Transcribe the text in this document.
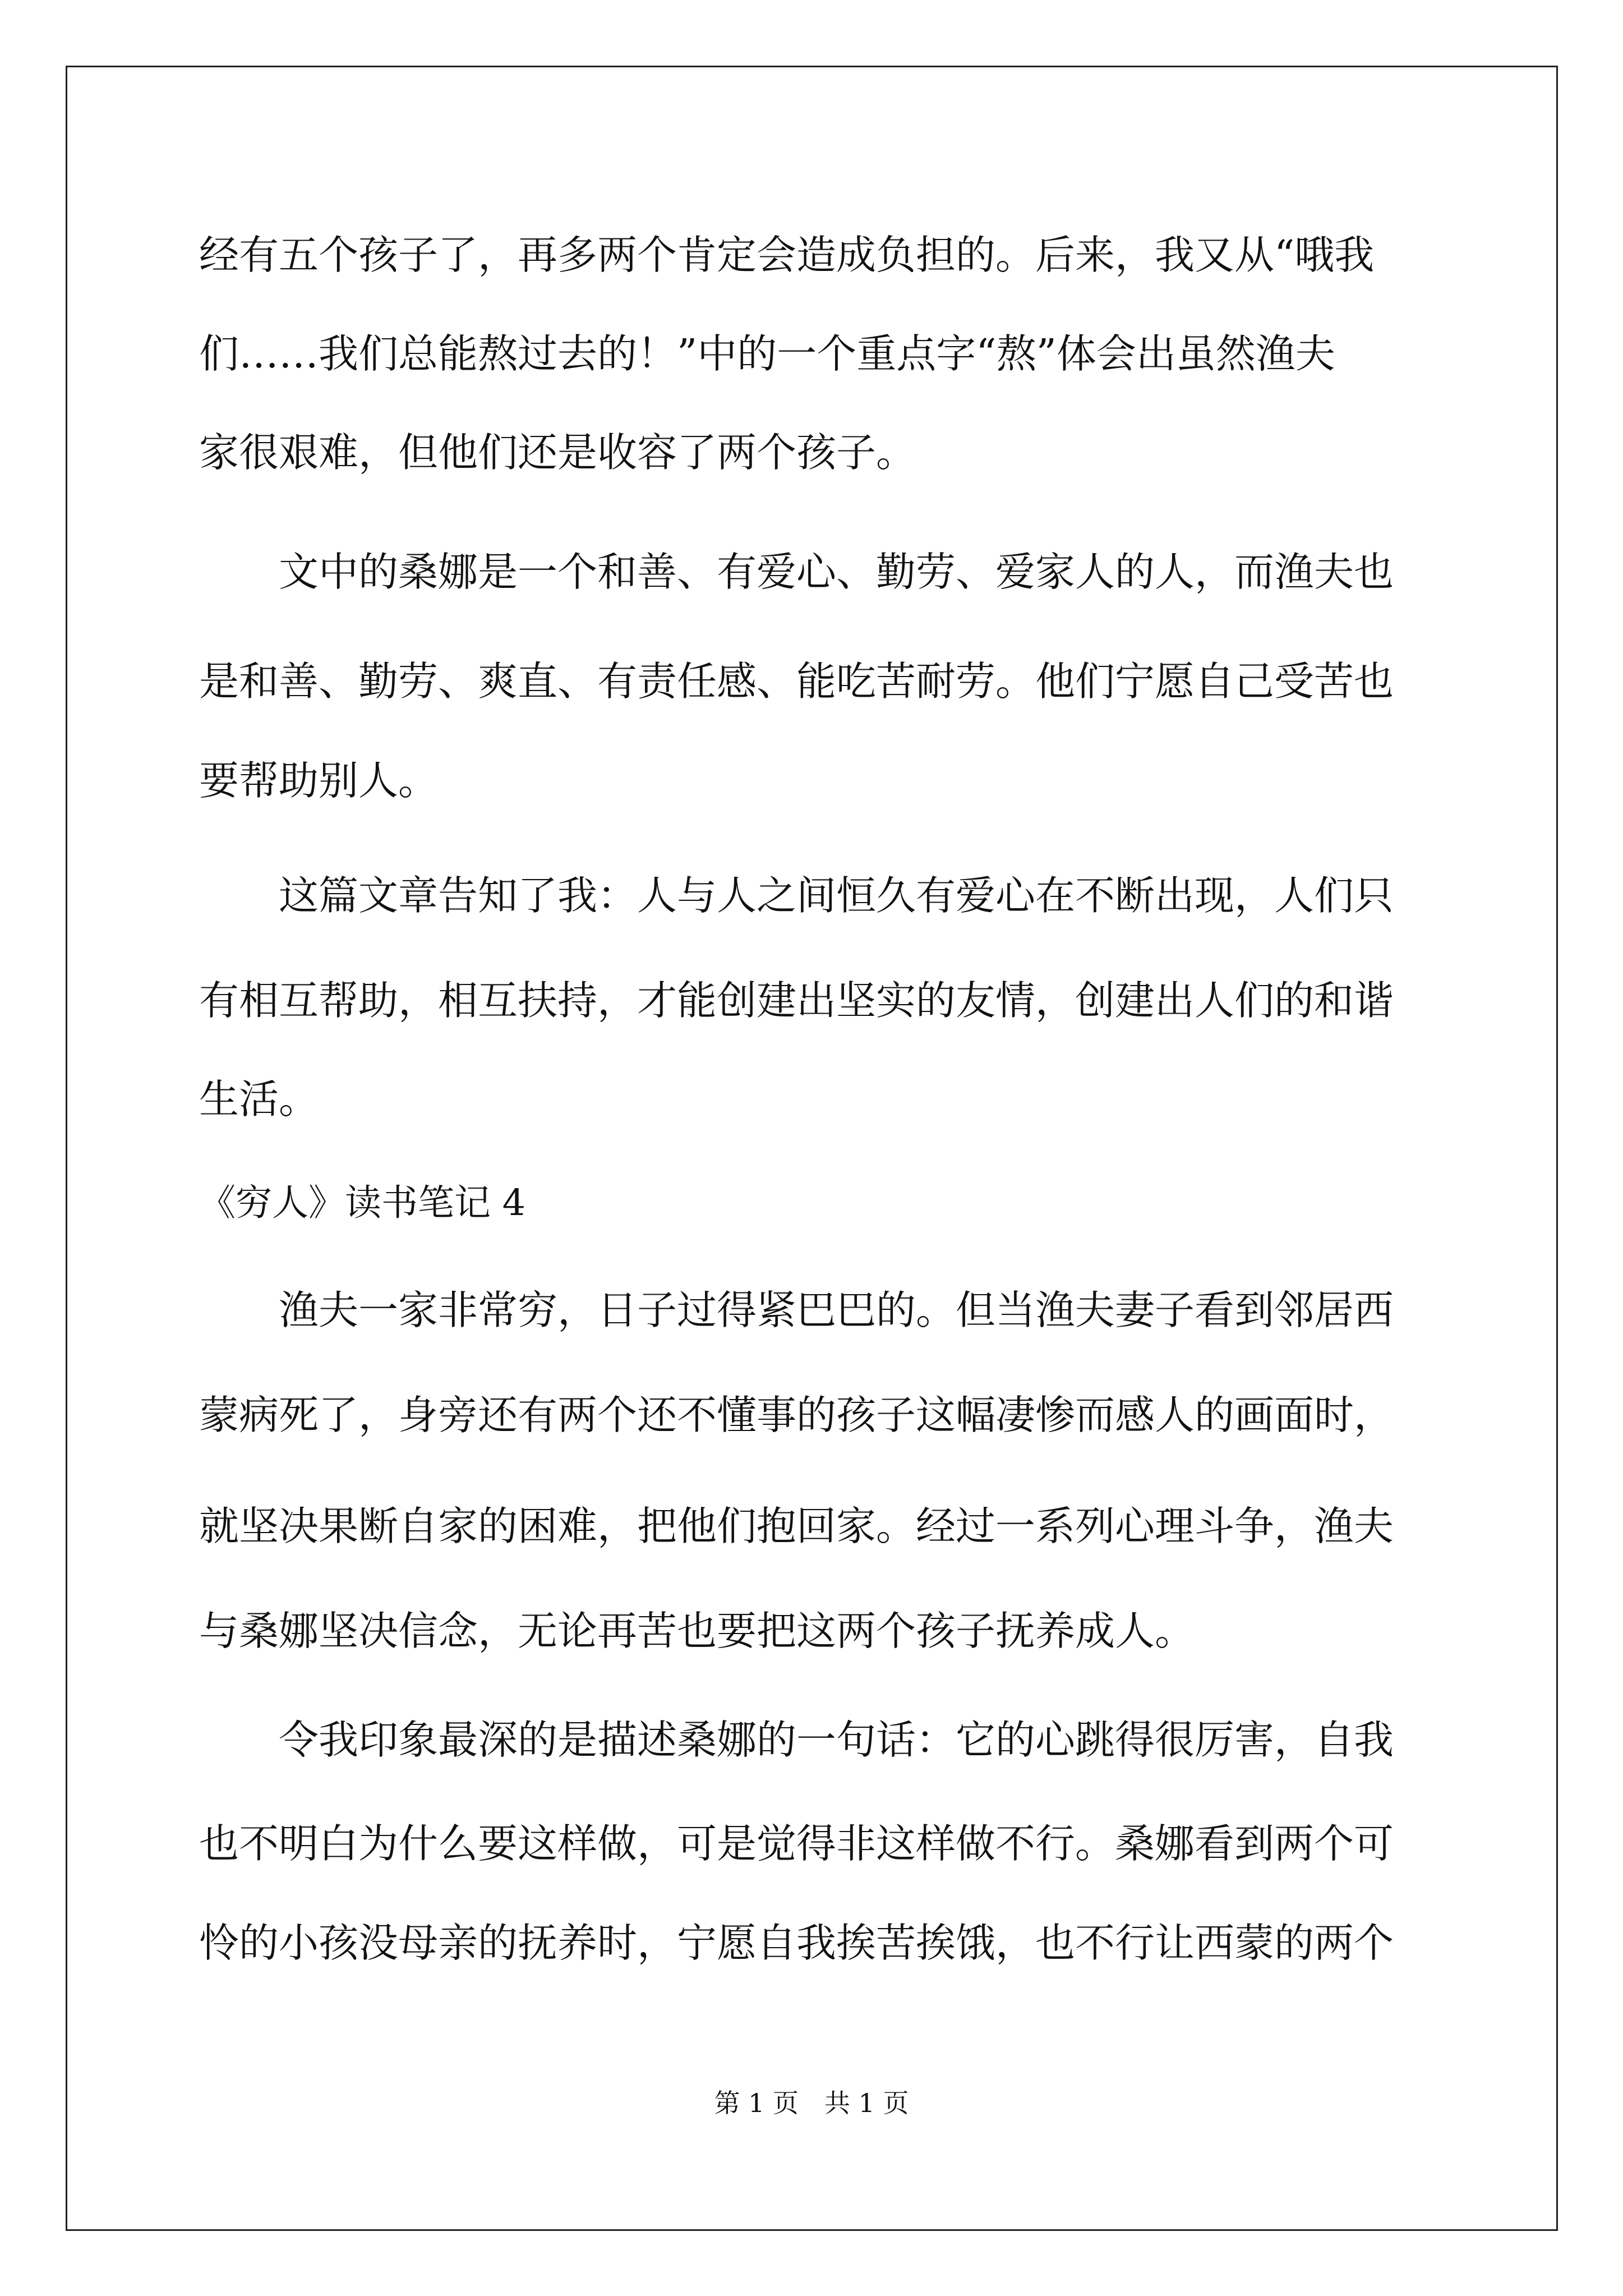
经有五个孩子了，再多两个肯定会造成负担的。后来，我又从“哦我
们……我们总能熬过去的！”中的一个重点字“熬”体会出虽然渔夫
家很艰难，但他们还是收容了两个孩子。
　　文中的桑娜是一个和善、有爱心、勤劳、爱家人的人，而渔夫也
是和善、勤劳、爽直、有责任感、能吃苦耐劳。他们宁愿自己受苦也
要帮助别人。
　　这篇文章告知了我：人与人之间恒久有爱心在不断出现，人们只
有相互帮助，相互扶持，才能创建出坚实的友情，创建出人们的和谐
生活。
《穷人》读书笔记 4
　　渔夫一家非常穷，日子过得紧巴巴的。但当渔夫妻子看到邻居西
蒙病死了，身旁还有两个还不懂事的孩子这幅凄惨而感人的画面时，
就坚决果断自家的困难，把他们抱回家。经过一系列心理斗争，渔夫
与桑娜坚决信念，无论再苦也要把这两个孩子抚养成人。
　　令我印象最深的是描述桑娜的一句话：它的心跳得很厉害，自我
也不明白为什么要这样做，可是觉得非这样做不行。桑娜看到两个可
怜的小孩没母亲的抚养时，宁愿自我挨苦挨饿，也不行让西蒙的两个
第 1 页　共 1 页
